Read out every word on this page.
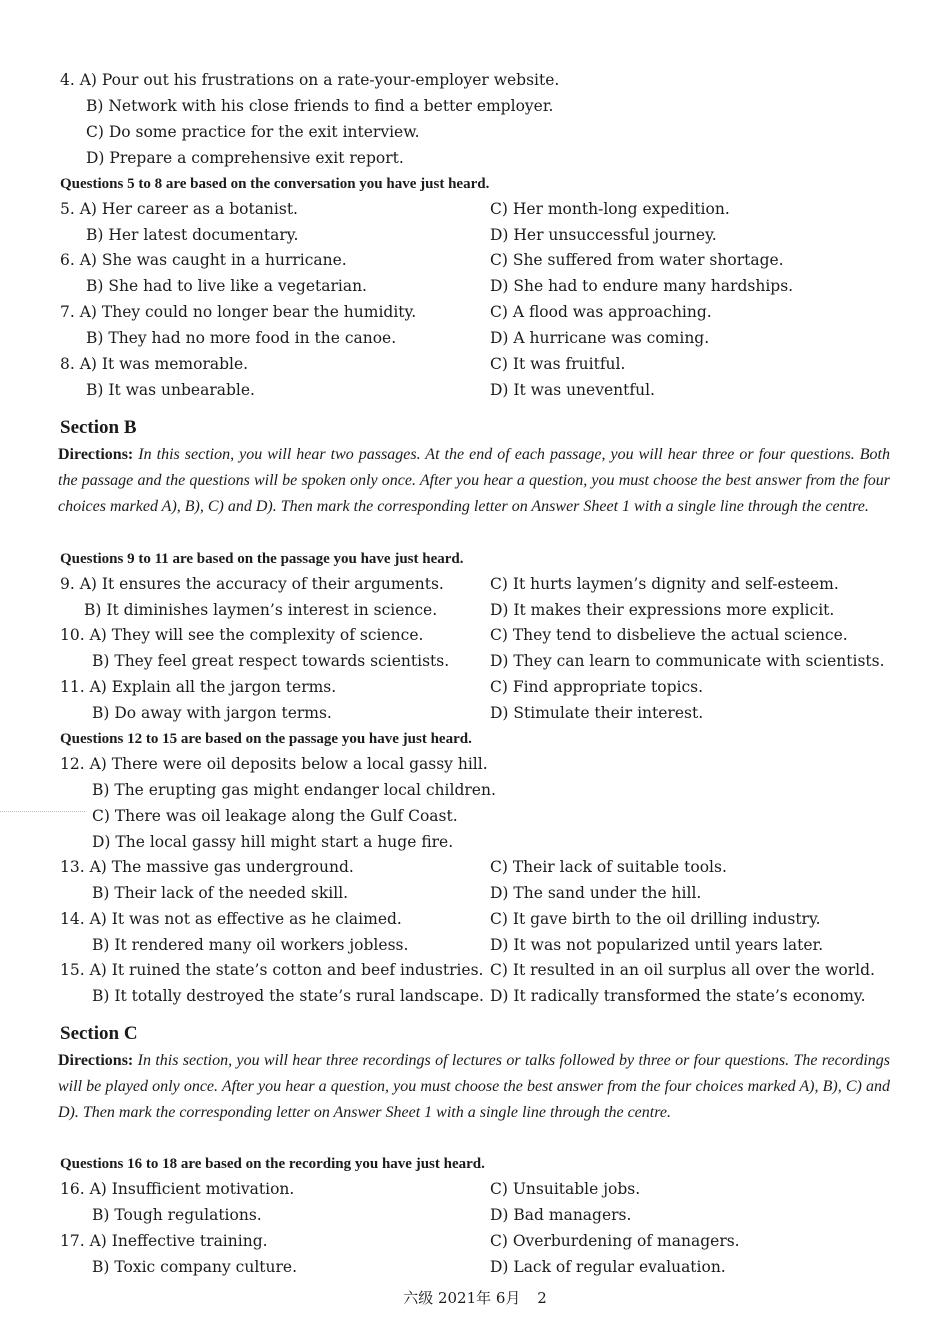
4. A) Pour out his frustrations on a rate-your-employer website.
B) Network with his close friends to find a better employer.
C) Do some practice for the exit interview.
D) Prepare a comprehensive exit report.
Questions 5 to 8 are based on the conversation you have just heard.
5. A) Her career as a botanist.	C) Her month-long expedition.
B) Her latest documentary.	D) Her unsuccessful journey.
6. A) She was caught in a hurricane.	C) She suffered from water shortage.
B) She had to live like a vegetarian.	D) She had to endure many hardships.
7. A) They could no longer bear the humidity.	C) A flood was approaching.
B) They had no more food in the canoe.	D) A hurricane was coming.
8. A) It was memorable.	C) It was fruitful.
B) It was unbearable.	D) It was uneventful.
Section B
Directions: In this section, you will hear two passages. At the end of each passage, you will hear three or four questions. Both the passage and the questions will be spoken only once. After you hear a question, you must choose the best answer from the four choices marked A), B), C) and D). Then mark the corresponding letter on Answer Sheet 1 with a single line through the centre.
Questions 9 to 11 are based on the passage you have just heard.
9. A) It ensures the accuracy of their arguments.	C) It hurts laymen’s dignity and self-esteem.
B) It diminishes laymen’s interest in science.	D) It makes their expressions more explicit.
10. A) They will see the complexity of science.	C) They tend to disbelieve the actual science.
B) They feel great respect towards scientists.	D) They can learn to communicate with scientists.
11. A) Explain all the jargon terms.	C) Find appropriate topics.
B) Do away with jargon terms.	D) Stimulate their interest.
Questions 12 to 15 are based on the passage you have just heard.
12. A) There were oil deposits below a local gassy hill.
B) The erupting gas might endanger local children.
C) There was oil leakage along the Gulf Coast.
D) The local gassy hill might start a huge fire.
13. A) The massive gas underground.	C) Their lack of suitable tools.
B) Their lack of the needed skill.	D) The sand under the hill.
14. A) It was not as effective as he claimed.	C) It gave birth to the oil drilling industry.
B) It rendered many oil workers jobless.	D) It was not popularized until years later.
15. A) It ruined the state’s cotton and beef industries. C) It resulted in an oil surplus all over the world.
B) It totally destroyed the state’s rural landscape. D) It radically transformed the state’s economy.
Section C
Directions: In this section, you will hear three recordings of lectures or talks followed by three or four questions. The recordings will be played only once. After you hear a question, you must choose the best answer from the four choices marked A), B), C) and D). Then mark the corresponding letter on Answer Sheet 1 with a single line through the centre.
Questions 16 to 18 are based on the recording you have just heard.
16. A) Insufficient motivation.	C) Unsuitable jobs.
B) Tough regulations.	D) Bad managers.
17. A) Ineffective training.	C) Overburdening of managers.
B) Toxic company culture.	D) Lack of regular evaluation.
六级 2021年 6月 2
